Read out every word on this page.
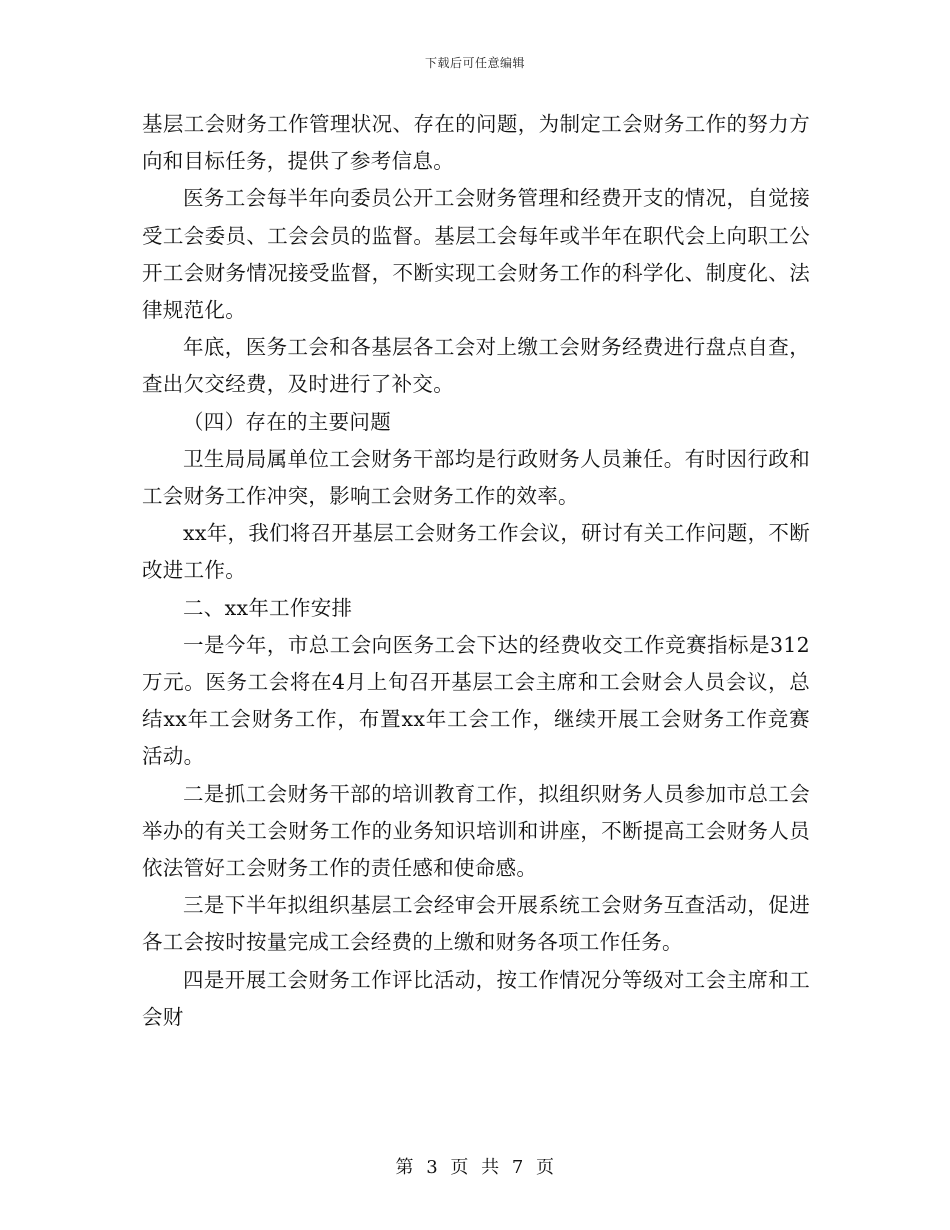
下载后可任意编辑

基层工会财务工作管理状况、存在的问题，为制定工会财务工作的努力方向和目标任务，提供了参考信息。

医务工会每半年向委员公开工会财务管理和经费开支的情况，自觉接受工会委员、工会会员的监督。基层工会每年或半年在职代会上向职工公开工会财务情况接受监督，不断实现工会财务工作的科学化、制度化、法律规范化。

年底，医务工会和各基层各工会对上缴工会财务经费进行盘点自查，查出欠交经费，及时进行了补交。

（四）存在的主要问题

卫生局局属单位工会财务干部均是行政财务人员兼任。有时因行政和工会财务工作冲突，影响工会财务工作的效率。

xx年，我们将召开基层工会财务工作会议，研讨有关工作问题，不断改进工作。

二、xx年工作安排

一是今年，市总工会向医务工会下达的经费收交工作竞赛指标是312万元。医务工会将在4月上旬召开基层工会主席和工会财会人员会议，总结xx年工会财务工作，布置xx年工会工作，继续开展工会财务工作竞赛活动。

二是抓工会财务干部的培训教育工作，拟组织财务人员参加市总工会举办的有关工会财务工作的业务知识培训和讲座，不断提高工会财务人员依法管好工会财务工作的责任感和使命感。

三是下半年拟组织基层工会经审会开展系统工会财务互查活动，促进各工会按时按量完成工会经费的上缴和财务各项工作任务。

四是开展工会财务工作评比活动，按工作情况分等级对工会主席和工会财

第 3 页 共 7 页
